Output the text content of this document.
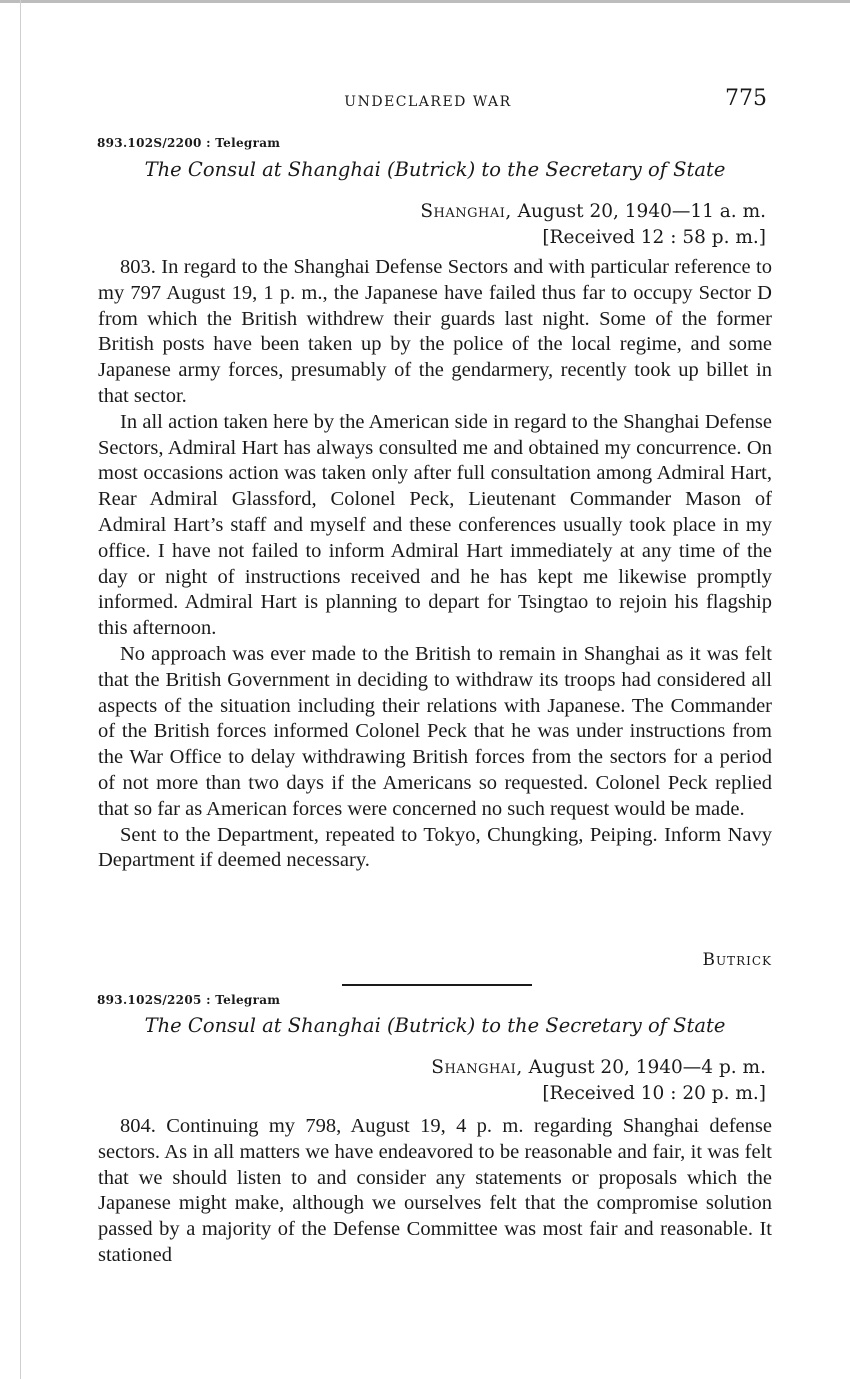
UNDECLARED WAR	775
893.102S/2200 : Telegram
The Consul at Shanghai (Butrick) to the Secretary of State
Shanghai, August 20, 1940—11 a. m.
[Received 12 : 58 p. m.]

803. In regard to the Shanghai Defense Sectors and with particular reference to my 797 August 19, 1 p. m., the Japanese have failed thus far to occupy Sector D from which the British withdrew their guards last night. Some of the former British posts have been taken up by the police of the local regime, and some Japanese army forces, presumably of the gendarmery, recently took up billet in that sector.

In all action taken here by the American side in regard to the Shanghai Defense Sectors, Admiral Hart has always consulted me and obtained my concurrence. On most occasions action was taken only after full consultation among Admiral Hart, Rear Admiral Glassford, Colonel Peck, Lieutenant Commander Mason of Admiral Hart’s staff and myself and these conferences usually took place in my office. I have not failed to inform Admiral Hart immediately at any time of the day or night of instructions received and he has kept me likewise promptly informed. Admiral Hart is planning to depart for Tsingtao to rejoin his flagship this afternoon.

No approach was ever made to the British to remain in Shanghai as it was felt that the British Government in deciding to withdraw its troops had considered all aspects of the situation including their relations with Japanese. The Commander of the British forces informed Colonel Peck that he was under instructions from the War Office to delay withdrawing British forces from the sectors for a period of not more than two days if the Americans so requested. Colonel Peck replied that so far as American forces were concerned no such request would be made.

Sent to the Department, repeated to Tokyo, Chungking, Peiping. Inform Navy Department if deemed necessary.

Butrick
893.102S/2205 : Telegram
The Consul at Shanghai (Butrick) to the Secretary of State
Shanghai, August 20, 1940—4 p. m.
[Received 10 : 20 p. m.]

804. Continuing my 798, August 19, 4 p. m. regarding Shanghai defense sectors. As in all matters we have endeavored to be reasonable and fair, it was felt that we should listen to and consider any statements or proposals which the Japanese might make, although we ourselves felt that the compromise solution passed by a majority of the Defense Committee was most fair and reasonable. It stationed
